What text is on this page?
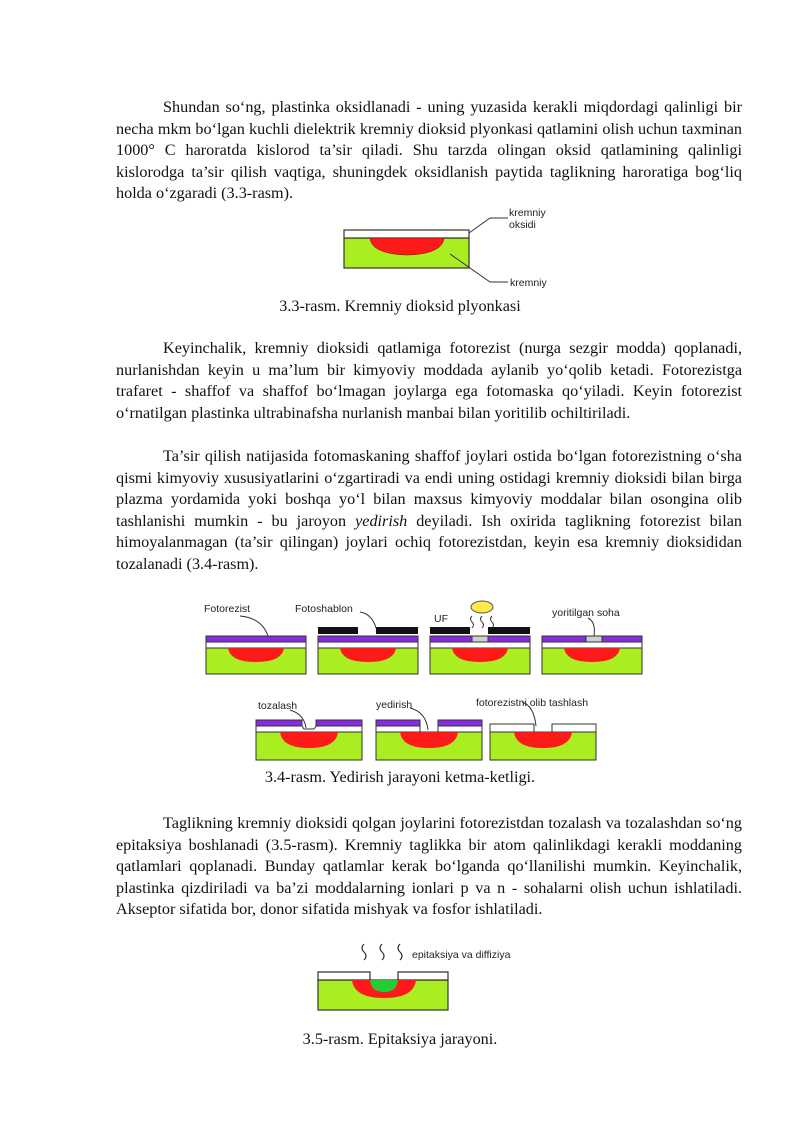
Shundan so‘ng, plastinka oksidlanadi - uning yuzasida kerakli miqdordagi qalinligi bir necha mkm bo‘lgan kuchli dielektrik kremniy dioksid plyonkasi qatlamini olish uchun taxminan 1000° C haroratda kislorod ta’sir qiladi. Shu tarzda olingan oksid qatlamining qalinligi kislorodga ta’sir qilish vaqtiga, shuningdek oksidlanish paytida taglikning haroratiga bog‘liq holda o‘zgaradi (3.3-rasm).

kremniy
oksidi
kremniy

3.3-rasm. Kremniy dioksid plyonkasi

Keyinchalik, kremniy dioksidi qatlamiga fotorezist (nurga sezgir modda) qoplanadi, nurlanishdan keyin u ma’lum bir kimyoviy moddada aylanib yo‘qolib ketadi. Fotorezistga trafaret - shaffof va shaffof bo‘lmagan joylarga ega fotomaska qo‘yiladi. Keyin fotorezist o‘rnatilgan plastinka ultrabinafsha nurlanish manbai bilan yoritilib ochiltiriladi.

Ta’sir qilish natijasida fotomaskaning shaffof joylari ostida bo‘lgan fotorezistning o‘sha qismi kimyoviy xususiyatlarini o‘zgartiradi va endi uning ostidagi kremniy dioksidi bilan birga plazma yordamida yoki boshqa yo‘l bilan maxsus kimyoviy moddalar bilan osongina olib tashlanishi mumkin - bu jaroyon yedirish deyiladi. Ish oxirida taglikning fotorezist bilan himoyalanmagan (ta’sir qilingan) joylari ochiq fotorezistdan, keyin esa kremniy dioksididan tozalanadi (3.4-rasm).

Fotorezist	Fotoshablon
UF	yoritilgan soha
tozalash	yedirish	fotorezistni olib tashlash

3.4-rasm. Yedirish jarayoni ketma-ketligi.

Taglikning kremniy dioksidi qolgan joylarini fotorezistdan tozalash va tozalashdan so‘ng epitaksiya boshlanadi (3.5-rasm). Kremniy taglikka bir atom qalinlikdagi kerakli moddaning qatlamlari qoplanadi. Bunday qatlamlar kerak bo‘lganda qo‘llanilishi mumkin. Keyinchalik, plastinka qizdiriladi va ba’zi moddalarning ionlari p va n - sohalarni olish uchun ishlatiladi. Akseptor sifatida bor, donor sifatida mishyak va fosfor ishlatiladi.

epitaksiya va diffiziya

3.5-rasm. Epitaksiya jarayoni.
